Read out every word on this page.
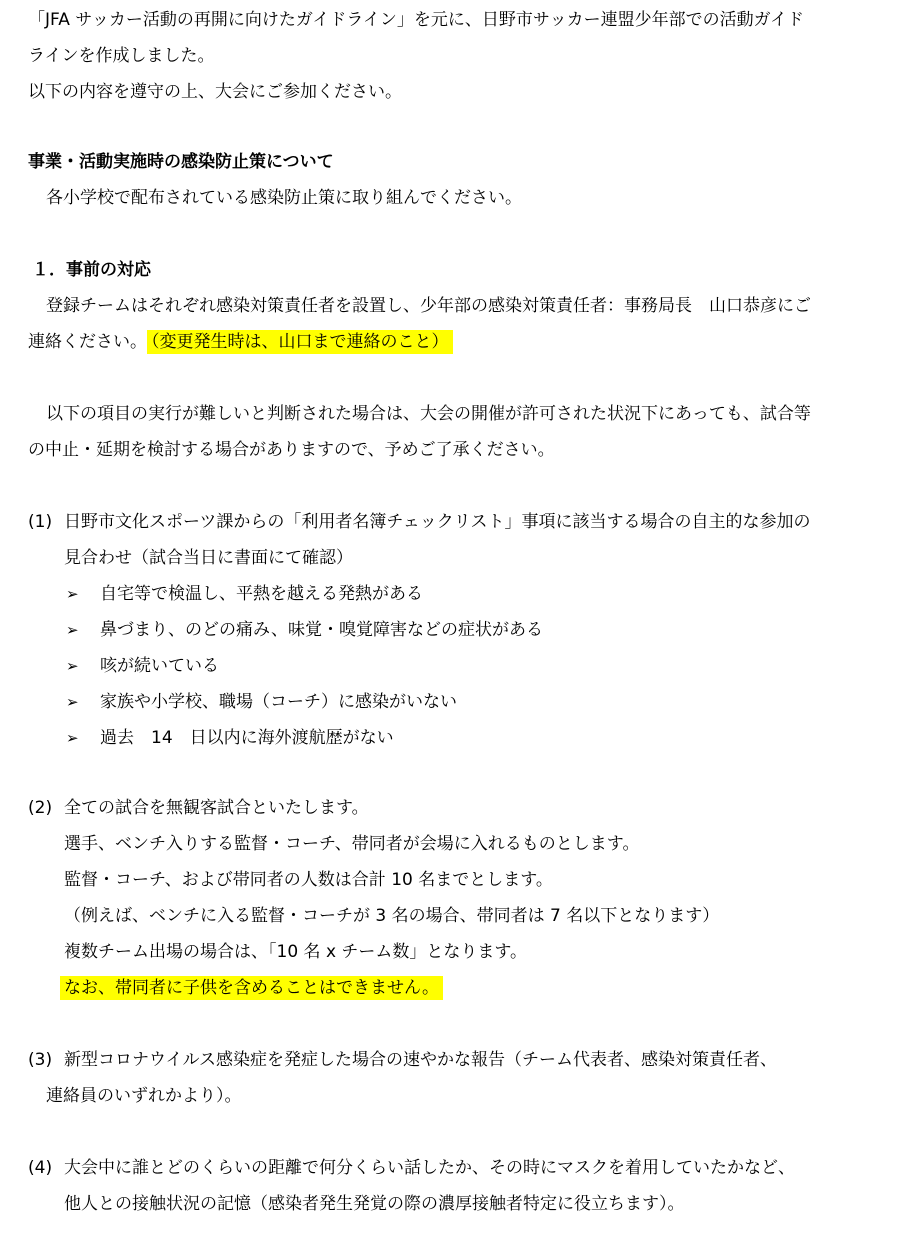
「JFA サッカー活動の再開に向けたガイドライン」を元に、日野市サッカー連盟少年部での活動ガイド
ラインを作成しました。
以下の内容を遵守の上、大会にご参加ください。
事業・活動実施時の感染防止策について
各小学校で配布されている感染防止策に取り組んでください。
１．事前の対応
登録チームはそれぞれ感染対策責任者を設置し、少年部の感染対策責任者：事務局長　山口恭彦にご
連絡ください。 （変更発生時は、山口まで連絡のこと）
以下の項目の実行が難しいと判断された場合は、大会の開催が許可された状況下にあっても、試合等
の中止・延期を検討する場合がありますので、予めご了承ください。
(1) 日野市文化スポーツ課からの「利用者名簿チェックリスト」事項に該当する場合の自主的な参加の
見合わせ（試合当日に書面にて確認）
➢ 自宅等で検温し、平熱を越える発熱がある
➢ 鼻づまり、のどの痛み、味覚・嗅覚障害などの症状がある
➢ 咳が続いている
➢ 家族や小学校、職場（コーチ）に感染がいない
➢ 過去　14　日以内に海外渡航歴がない
(2) 全ての試合を無観客試合といたします。
選手、ベンチ入りする監督・コーチ、帯同者が会場に入れるものとします。
監督・コーチ、および帯同者の人数は合計 10 名までとします。
（例えば、ベンチに入る監督・コーチが 3 名の場合、帯同者は 7 名以下となります）
複数チーム出場の場合は、「10 名 x チーム数」となります。
なお、帯同者に子供を含めることはできません。
(3) 新型コロナウイルス感染症を発症した場合の速やかな報告（チーム代表者、感染対策責任者、
連絡員のいずれかより）。
(4) 大会中に誰とどのくらいの距離で何分くらい話したか、その時にマスクを着用していたかなど、
他人との接触状況の記憶（感染者発生発覚の際の濃厚接触者特定に役立ちます）。
